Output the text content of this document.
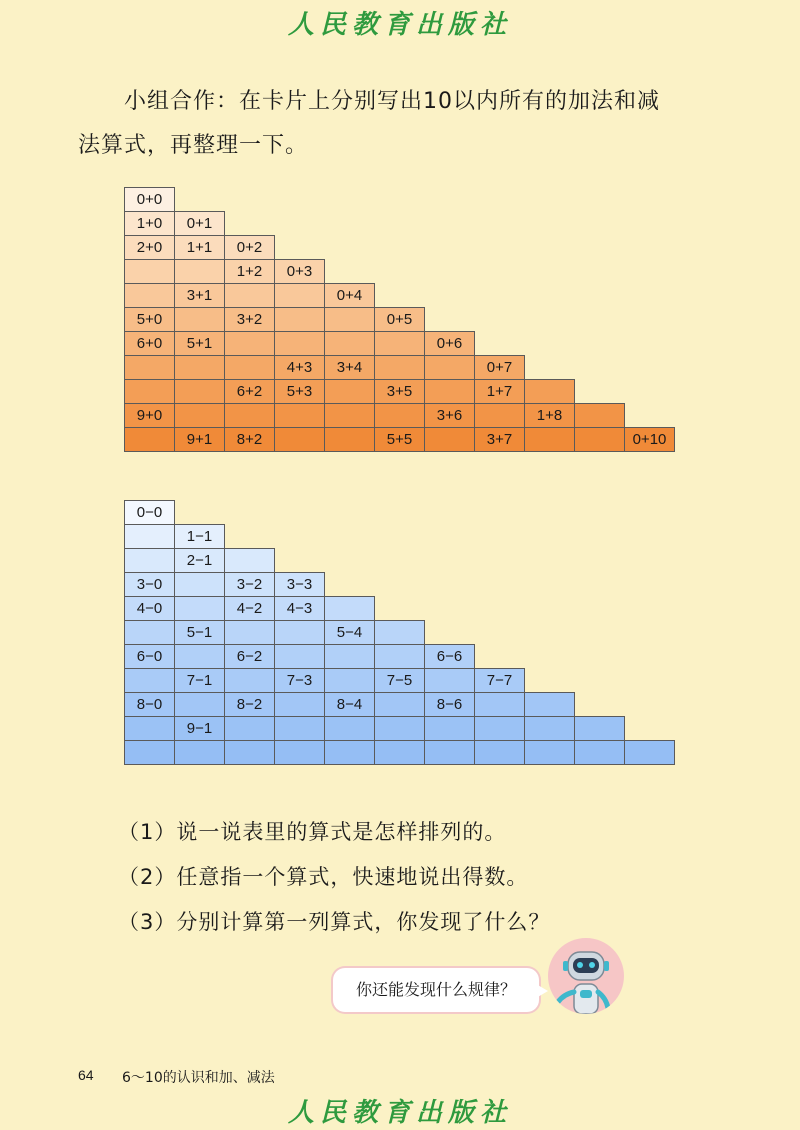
人民教育出版社
小组合作：在卡片上分别写出10以内所有的加法和减
法算式，再整理一下。
0+0										
1+0	0+1									
2+0	1+1	0+2								
		1+2	0+3							
	3+1			0+4						
5+0		3+2			0+5					
6+0	5+1					0+6				
			4+3	3+4			0+7			
		6+2	5+3		3+5		1+7			
9+0						3+6		1+8		
	9+1	8+2			5+5		3+7			0+10
0−0										
	1−1									
	2−1									
3−0		3−2	3−3							
4−0		4−2	4−3							
	5−1			5−4						
6−0		6−2				6−6				
	7−1		7−3		7−5		7−7			
8−0		8−2		8−4		8−6				
	9−1									

（1）说一说表里的算式是怎样排列的。
（2）任意指一个算式，快速地说出得数。
（3）分别计算第一列算式，你发现了什么？
你还能发现什么规律？
64 6～10的认识和加、减法
人民教育出版社
